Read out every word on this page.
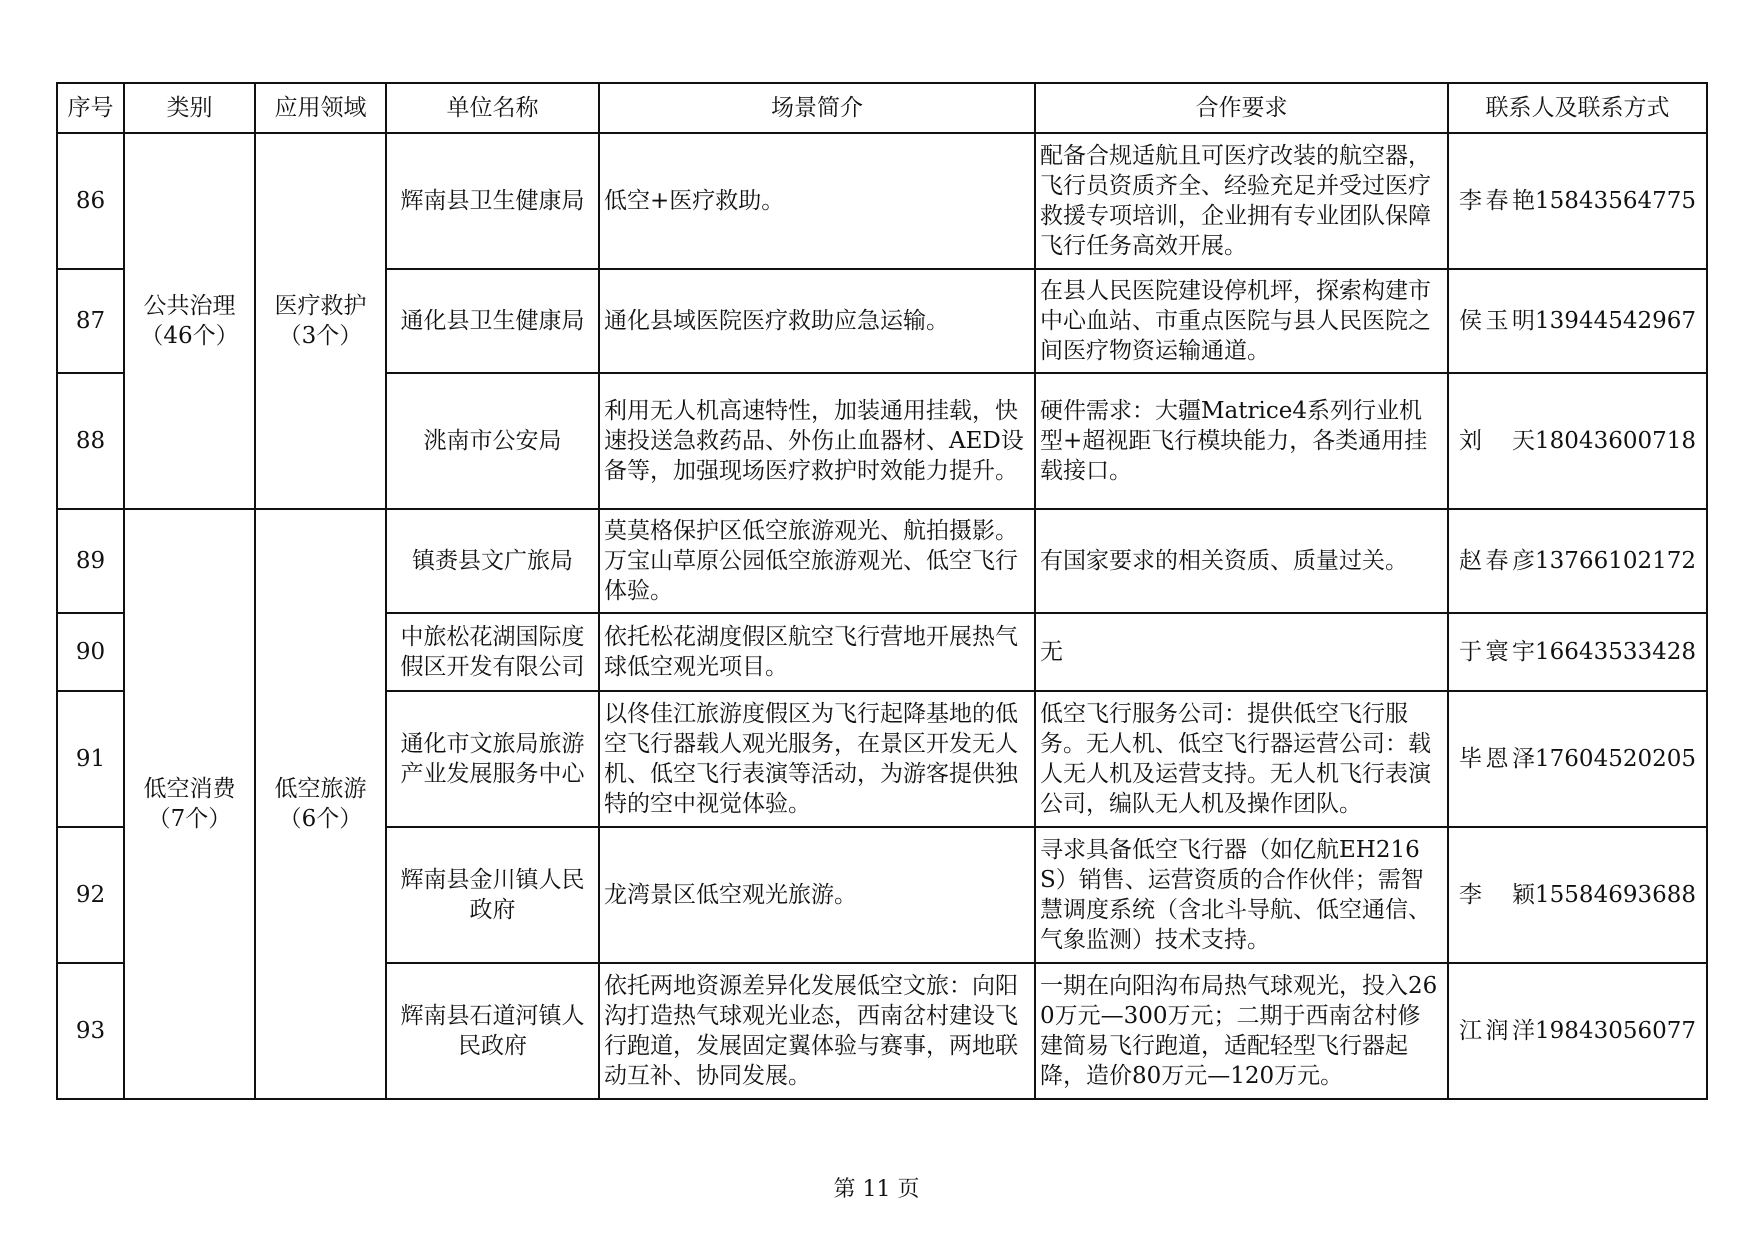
序号	类别	应用领域	单位名称	场景简介	合作要求	联系人及联系方式
86	公共治理（46个）	医疗救护（3个）	辉南县卫生健康局	低空+医疗救助。	配备合规适航且可医疗改装的航空器，飞行员资质齐全、经验充足并受过医疗救援专项培训，企业拥有专业团队保障飞行任务高效开展。	李春艳 15843564775

87			通化县卫生健康局	通化县域医院医疗救助应急运输。	在县人民医院建设停机坪，探索构建市中心血站、市重点医院与县人民医院之间医疗物资运输通道。	侯玉明 13944542967

88			洮南市公安局	利用无人机高速特性，加装通用挂载，快速投送急救药品、外伤止血器材、AED设备等，加强现场医疗救护时效能力提升。	硬件需求：大疆Matrice4系列行业机型+超视距飞行模块能力，各类通用挂载接口。	刘天 18043600718

89	低空消费（7个）	低空旅游（6个）	镇赉县文广旅局	莫莫格保护区低空旅游观光、航拍摄影。万宝山草原公园低空旅游观光、低空飞行体验。	有国家要求的相关资质、质量过关。	赵春彦 13766102172

90			中旅松花湖国际度假区开发有限公司	依托松花湖度假区航空飞行营地开展热气球低空观光项目。	无	于寰宇 16643533428

91			通化市文旅局旅游产业发展服务中心	以佟佳江旅游度假区为飞行起降基地的低空飞行器载人观光服务，在景区开发无人机、低空飞行表演等活动，为游客提供独特的空中视觉体验。	低空飞行服务公司：提供低空飞行服务。无人机、低空飞行器运营公司：载人无人机及运营支持。无人机飞行表演公司，编队无人机及操作团队。	毕恩泽 17604520205

92			辉南县金川镇人民政府	龙湾景区低空观光旅游。	寻求具备低空飞行器（如亿航EH216S）销售、运营资质的合作伙伴；需智慧调度系统（含北斗导航、低空通信、气象监测）技术支持。	李颖 15584693688

93			辉南县石道河镇人民政府	依托两地资源差异化发展低空文旅：向阳沟打造热气球观光业态，西南岔村建设飞行跑道，发展固定翼体验与赛事，两地联动互补、协同发展。	一期在向阳沟布局热气球观光，投入260万元—300万元；二期于西南岔村修建简易飞行跑道，适配轻型飞行器起降，造价80万元—120万元。	江润洋 19843056077
第 11 页
